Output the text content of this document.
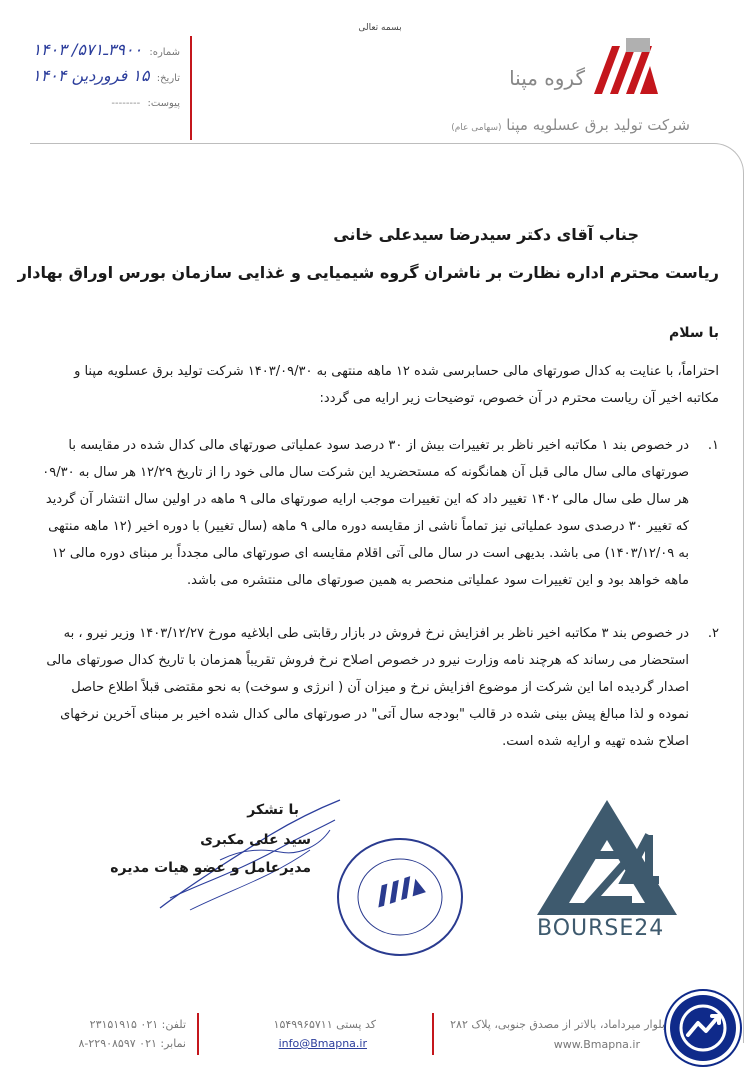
بسمه تعالی
گروه مپنا
شرکت تولید برق عسلویه مپنا (سهامی عام)
شماره: ۳۹۰۰ـ۵۷۱/ ۱۴۰۳
تاریخ: ۱۵ فروردین ۱۴۰۴
پیوست: --------
جناب آقای دکتر سیدرضا سیدعلی خانی
ریاست محترم اداره نظارت بر ناشران گروه شیمیایی و غذایی سازمان بورس اوراق بهادار
با سلام
احتراماً، با عنایت به کدال صورتهای مالی حسابرسی شده ۱۲ ماهه منتهی به ۱۴۰۳/۰۹/۳۰ شرکت تولید برق عسلویه مپنا و مکاتبه اخیر آن ریاست محترم در آن خصوص، توضیحات زیر ارایه می گردد:
۱.
در خصوص بند ۱ مکاتبه اخیر ناظر بر تغییرات بیش از ۳۰ درصد سود عملیاتی صورتهای مالی کدال شده در مقایسه با صورتهای مالی سال مالی قبل آن همانگونه که مستحضرید این شرکت سال مالی خود را از تاریخ ۱۲/۲۹ هر سال به ۰۹/۳۰ هر سال طی سال مالی ۱۴۰۲ تغییر داد که این تغییرات موجب ارایه صورتهای مالی ۹ ماهه در اولین سال انتشار آن گردید که تغییر ۳۰ درصدی سود عملیاتی نیز تماماً ناشی از مقایسه دوره مالی ۹ ماهه (سال تغییر) با دوره اخیر (۱۲ ماهه منتهی به ۱۴۰۳/۱۲/۰۹) می باشد. بدیهی است در سال مالی آتی اقلام مقایسه ای صورتهای مالی مجدداً بر مبنای دوره مالی ۱۲ ماهه خواهد بود و این تغییرات سود عملیاتی منحصر به همین صورتهای مالی منتشره می باشد.
۲.
در خصوص بند ۳ مکاتبه اخیر ناظر بر افزایش نرخ فروش در بازار رقابتی طی ابلاغیه مورخ ۱۴۰۳/۱۲/۲۷ وزیر نیرو ، به استحضار می رساند که هرچند نامه وزارت نیرو در خصوص اصلاح نرخ فروش تقریباً همزمان با تاریخ کدال صورتهای مالی اصدار گردیده اما این شرکت از موضوع افزایش نرخ و میزان آن ( انرژی و سوخت) به نحو مقتضی قبلاً اطلاع حاصل نموده و لذا مبالغ پیش بینی شده در قالب "بودجه سال آتی" در صورتهای مالی کدال شده اخیر بر مبنای آخرین نرخهای اصلاح شده تهیه و ارایه شده است.
با تشکر
سید علی مکبری
مدیرعامل و عضو هیات مدیره
BOURSE24
بلوار میرداماد، بالاتر از مصدق جنوبی، پلاک ۲۸۲
www.Bmapna.ir
کد پستی ۱۵۴۹۹۶۵۷۱۱
info@Bmapna.ir
تلفن: ۰۲۱ ۲۳۱۵۱۹۱۵
نمابر: ۰۲۱ ۲۲۹۰۸۵۹۷-۸
